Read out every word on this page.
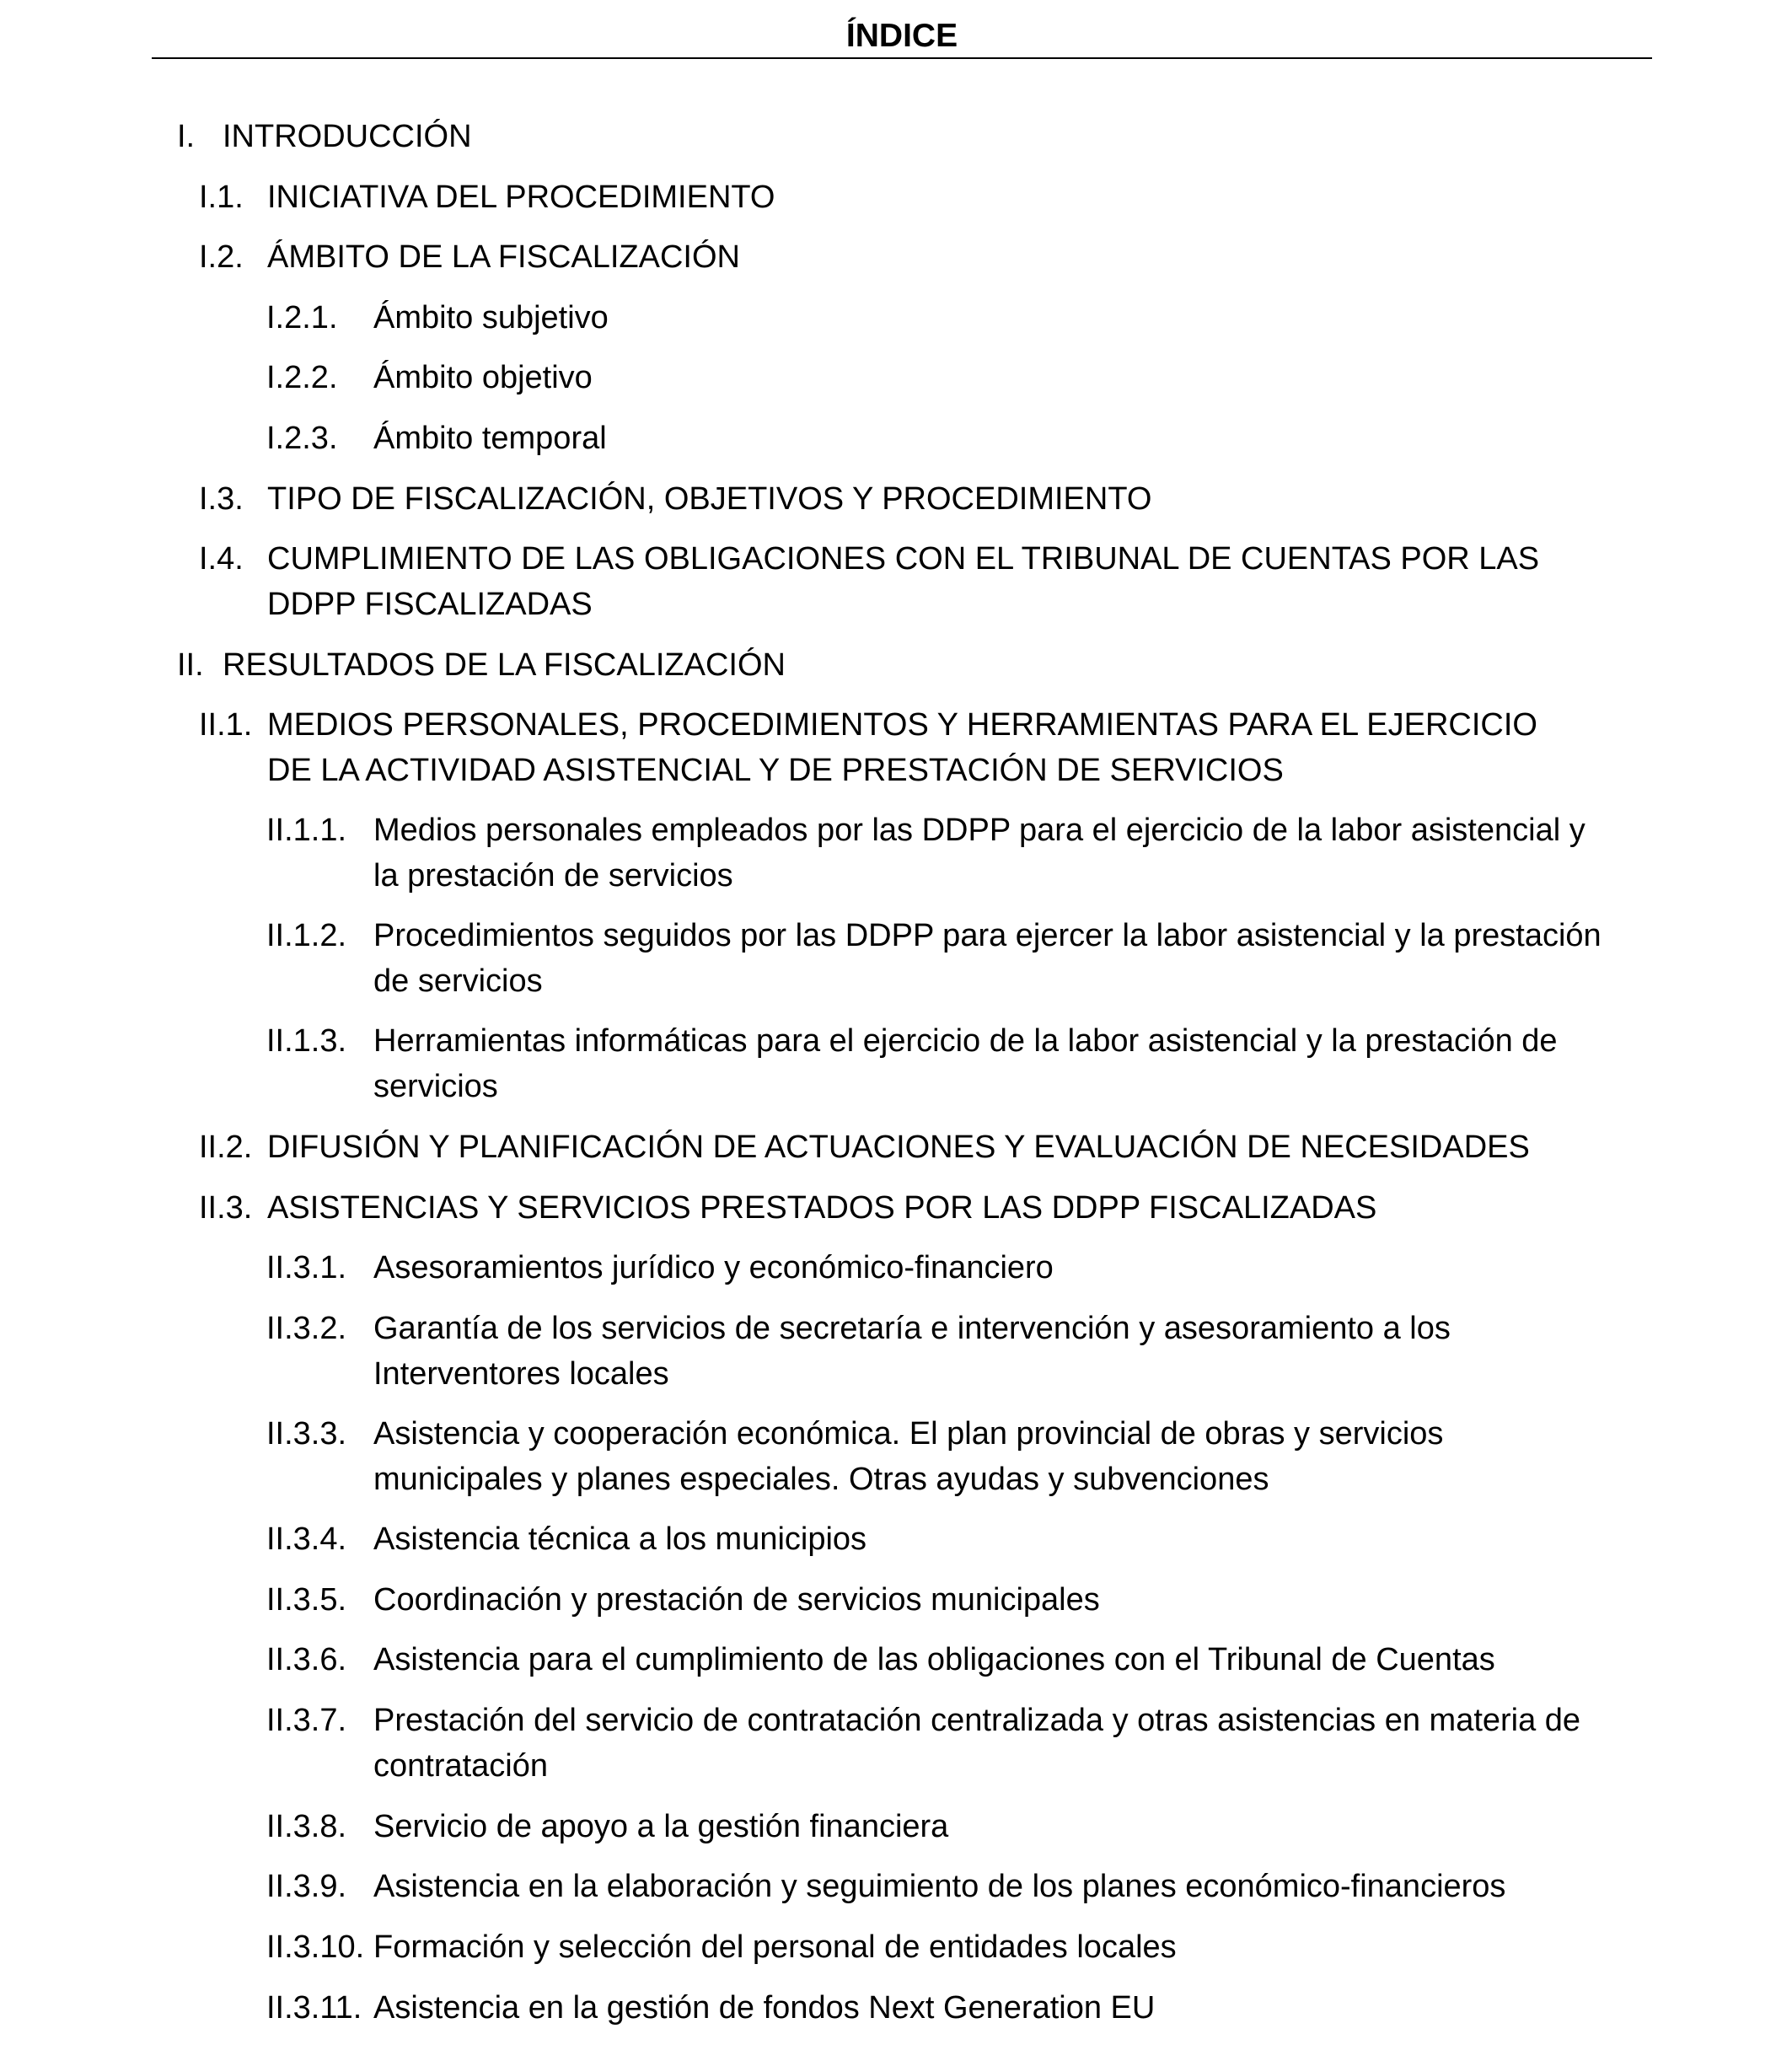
ÍNDICE
I. INTRODUCCIÓN
I.1. INICIATIVA DEL PROCEDIMIENTO
I.2. ÁMBITO DE LA FISCALIZACIÓN
I.2.1. Ámbito subjetivo
I.2.2. Ámbito objetivo
I.2.3. Ámbito temporal
I.3. TIPO DE FISCALIZACIÓN, OBJETIVOS Y PROCEDIMIENTO
I.4. CUMPLIMIENTO DE LAS OBLIGACIONES CON EL TRIBUNAL DE CUENTAS POR LAS DDPP FISCALIZADAS
II. RESULTADOS DE LA FISCALIZACIÓN
II.1. MEDIOS PERSONALES, PROCEDIMIENTOS Y HERRAMIENTAS PARA EL EJERCICIO DE LA ACTIVIDAD ASISTENCIAL Y DE PRESTACIÓN DE SERVICIOS
II.1.1. Medios personales empleados por las DDPP para el ejercicio de la labor asistencial y la prestación de servicios
II.1.2. Procedimientos seguidos por las DDPP para ejercer la labor asistencial y la prestación de servicios
II.1.3. Herramientas informáticas para el ejercicio de la labor asistencial y la prestación de servicios
II.2. DIFUSIÓN Y PLANIFICACIÓN DE ACTUACIONES Y EVALUACIÓN DE NECESIDADES
II.3. ASISTENCIAS Y SERVICIOS PRESTADOS POR LAS DDPP FISCALIZADAS
II.3.1. Asesoramientos jurídico y económico-financiero
II.3.2. Garantía de los servicios de secretaría e intervención y asesoramiento a los Interventores locales
II.3.3. Asistencia y cooperación económica. El plan provincial de obras y servicios municipales y planes especiales. Otras ayudas y subvenciones
II.3.4. Asistencia técnica a los municipios
II.3.5. Coordinación y prestación de servicios municipales
II.3.6. Asistencia para el cumplimiento de las obligaciones con el Tribunal de Cuentas
II.3.7. Prestación del servicio de contratación centralizada y otras asistencias en materia de contratación
II.3.8. Servicio de apoyo a la gestión financiera
II.3.9. Asistencia en la elaboración y seguimiento de los planes económico-financieros
II.3.10. Formación y selección del personal de entidades locales
II.3.11. Asistencia en la gestión de fondos Next Generation EU
